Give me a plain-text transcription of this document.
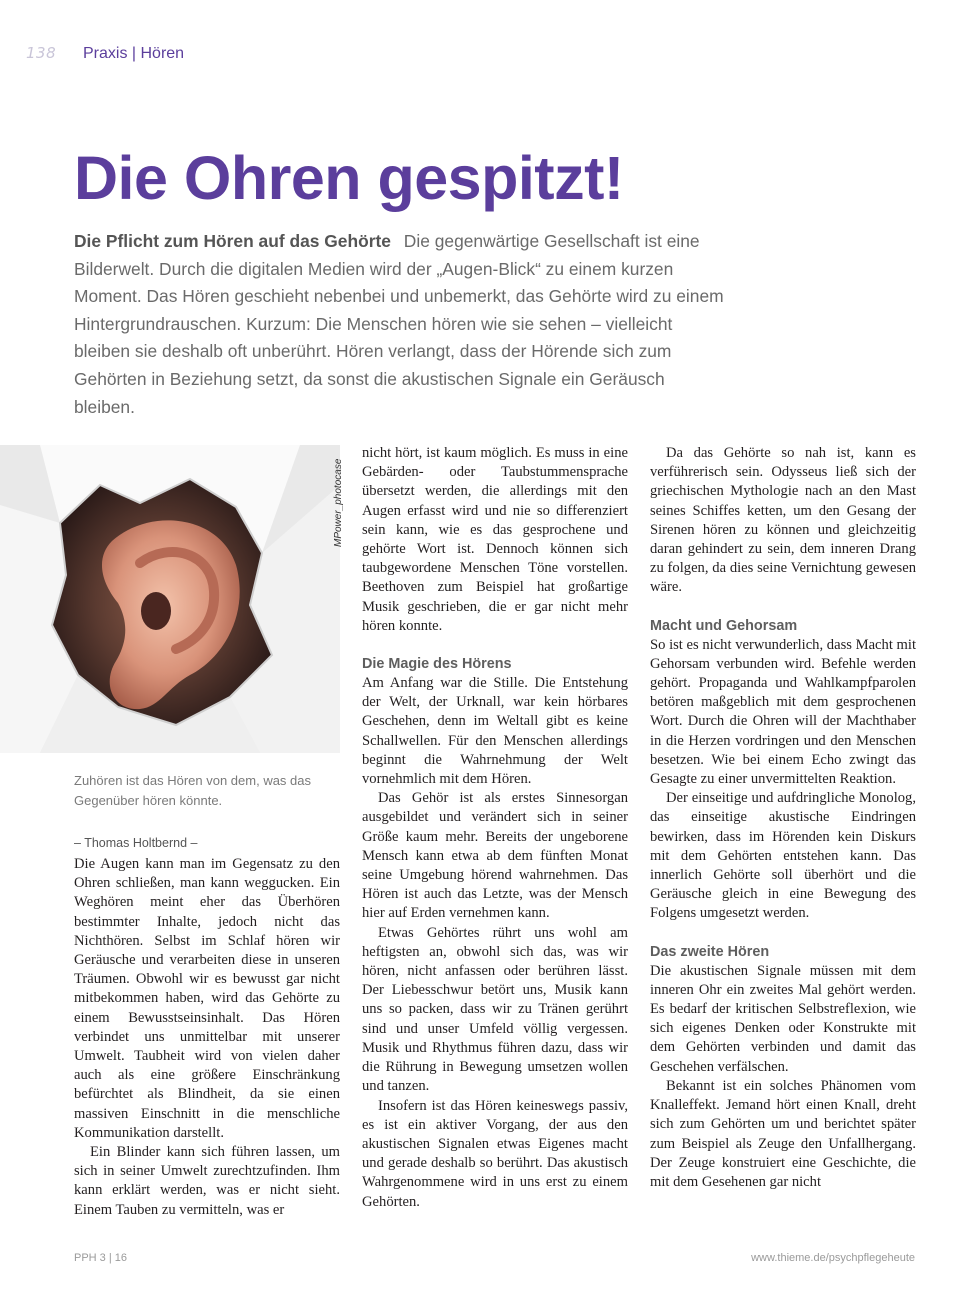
138 Praxis | Hören
Die Ohren gespitzt!
Die Pflicht zum Hören auf das Gehörte Die gegenwärtige Gesellschaft ist eine Bilderwelt. Durch die digitalen Medien wird der „Augen-Blick“ zu einem kurzen Moment. Das Hören geschieht nebenbei und unbemerkt, das Gehörte wird zu einem Hintergrundrauschen. Kurzum: Die Menschen hören wie sie sehen – vielleicht bleiben sie deshalb oft unberührt. Hören verlangt, dass der Hörende sich zum Gehörten in Beziehung setzt, da sonst die akustischen Signale ein Geräusch bleiben.
MPower_photocase
Zuhören ist das Hören von dem, was das Gegenüber hören könnte.
– Thomas Holtbernd –

Die Augen kann man im Gegensatz zu den Ohren schließen, man kann weggucken. Ein Weghören meint eher das Überhören bestimmter Inhalte, jedoch nicht das Nichthören. Selbst im Schlaf hören wir Geräusche und verarbeiten diese in unseren Träumen. Obwohl wir es bewusst gar nicht mitbekommen haben, wird das Gehörte zu einem Bewusstseinsinhalt. Das Hören verbindet uns unmittelbar mit unserer Umwelt. Taubheit wird von vielen daher auch als eine größere Einschränkung befürchtet als Blindheit, da sie einen massiven Einschnitt in die menschliche Kommunikation darstellt.

Ein Blinder kann sich führen lassen, um sich in seiner Umwelt zurechtzufinden. Ihm kann erklärt werden, was er nicht sieht. Einem Tauben zu vermitteln, was er

nicht hört, ist kaum möglich. Es muss in eine Gebärden- oder Taubstummensprache übersetzt werden, die allerdings mit den Augen erfasst wird und nie so differenziert sein kann, wie es das gesprochene und gehörte Wort ist. Dennoch können sich taubgewordene Menschen Töne vorstellen. Beethoven zum Beispiel hat großartige Musik geschrieben, die er gar nicht mehr hören konnte.

Die Magie des Hörens

Am Anfang war die Stille. Die Entstehung der Welt, der Urknall, war kein hörbares Geschehen, denn im Weltall gibt es keine Schallwellen. Für den Menschen allerdings beginnt die Wahrnehmung der Welt vornehmlich mit dem Hören.

Das Gehör ist als erstes Sinnesorgan ausgebildet und verändert sich in seiner Größe kaum mehr. Bereits der ungeborene Mensch kann etwa ab dem fünften Monat seine Umgebung hörend wahrnehmen. Das Hören ist auch das Letzte, was der Mensch hier auf Erden vernehmen kann.

Etwas Gehörtes rührt uns wohl am heftigsten an, obwohl sich das, was wir hören, nicht anfassen oder berühren lässt. Der Liebesschwur betört uns, Musik kann uns so packen, dass wir zu Tränen gerührt sind und unser Umfeld völlig vergessen. Musik und Rhythmus führen dazu, dass wir die Rührung in Bewegung umsetzen wollen und tanzen.

Insofern ist das Hören keineswegs passiv, es ist ein aktiver Vorgang, der aus den akustischen Signalen etwas Eigenes macht und gerade deshalb so berührt. Das akustisch Wahrgenommene wird in uns erst zu einem Gehörten.

Da das Gehörte so nah ist, kann es verführerisch sein. Odysseus ließ sich der griechischen Mythologie nach an den Mast seines Schiffes ketten, um den Gesang der Sirenen hören zu können und gleichzeitig daran gehindert zu sein, dem inneren Drang zu folgen, da dies seine Vernichtung gewesen wäre.

Macht und Gehorsam

So ist es nicht verwunderlich, dass Macht mit Gehorsam verbunden wird. Befehle werden gehört. Propaganda und Wahlkampfparolen betören maßgeblich mit dem gesprochenen Wort. Durch die Ohren will der Machthaber in die Herzen vordringen und den Menschen besetzen. Wie bei einem Echo zwingt das Gesagte zu einer unvermittelten Reaktion.

Der einseitige und aufdringliche Monolog, das einseitige akustische Eindringen bewirken, dass im Hörenden kein Diskurs mit dem Gehörten entstehen kann. Das innerlich Gehörte soll überhört und die Geräusche gleich in eine Bewegung des Folgens umgesetzt werden.

Das zweite Hören

Die akustischen Signale müssen mit dem inneren Ohr ein zweites Mal gehört werden. Es bedarf der kritischen Selbstreflexion, wie sich eigenes Denken oder Konstrukte mit dem Gehörten verbinden und damit das Geschehen verfälschen.

Bekannt ist ein solches Phänomen vom Knalleffekt. Jemand hört einen Knall, dreht sich zum Gehörten um und berichtet später zum Beispiel als Zeuge den Unfallhergang. Der Zeuge konstruiert eine Geschichte, die mit dem Gesehenen gar nicht

PPH 3 | 16	www.thieme.de/psychpflegeheute
